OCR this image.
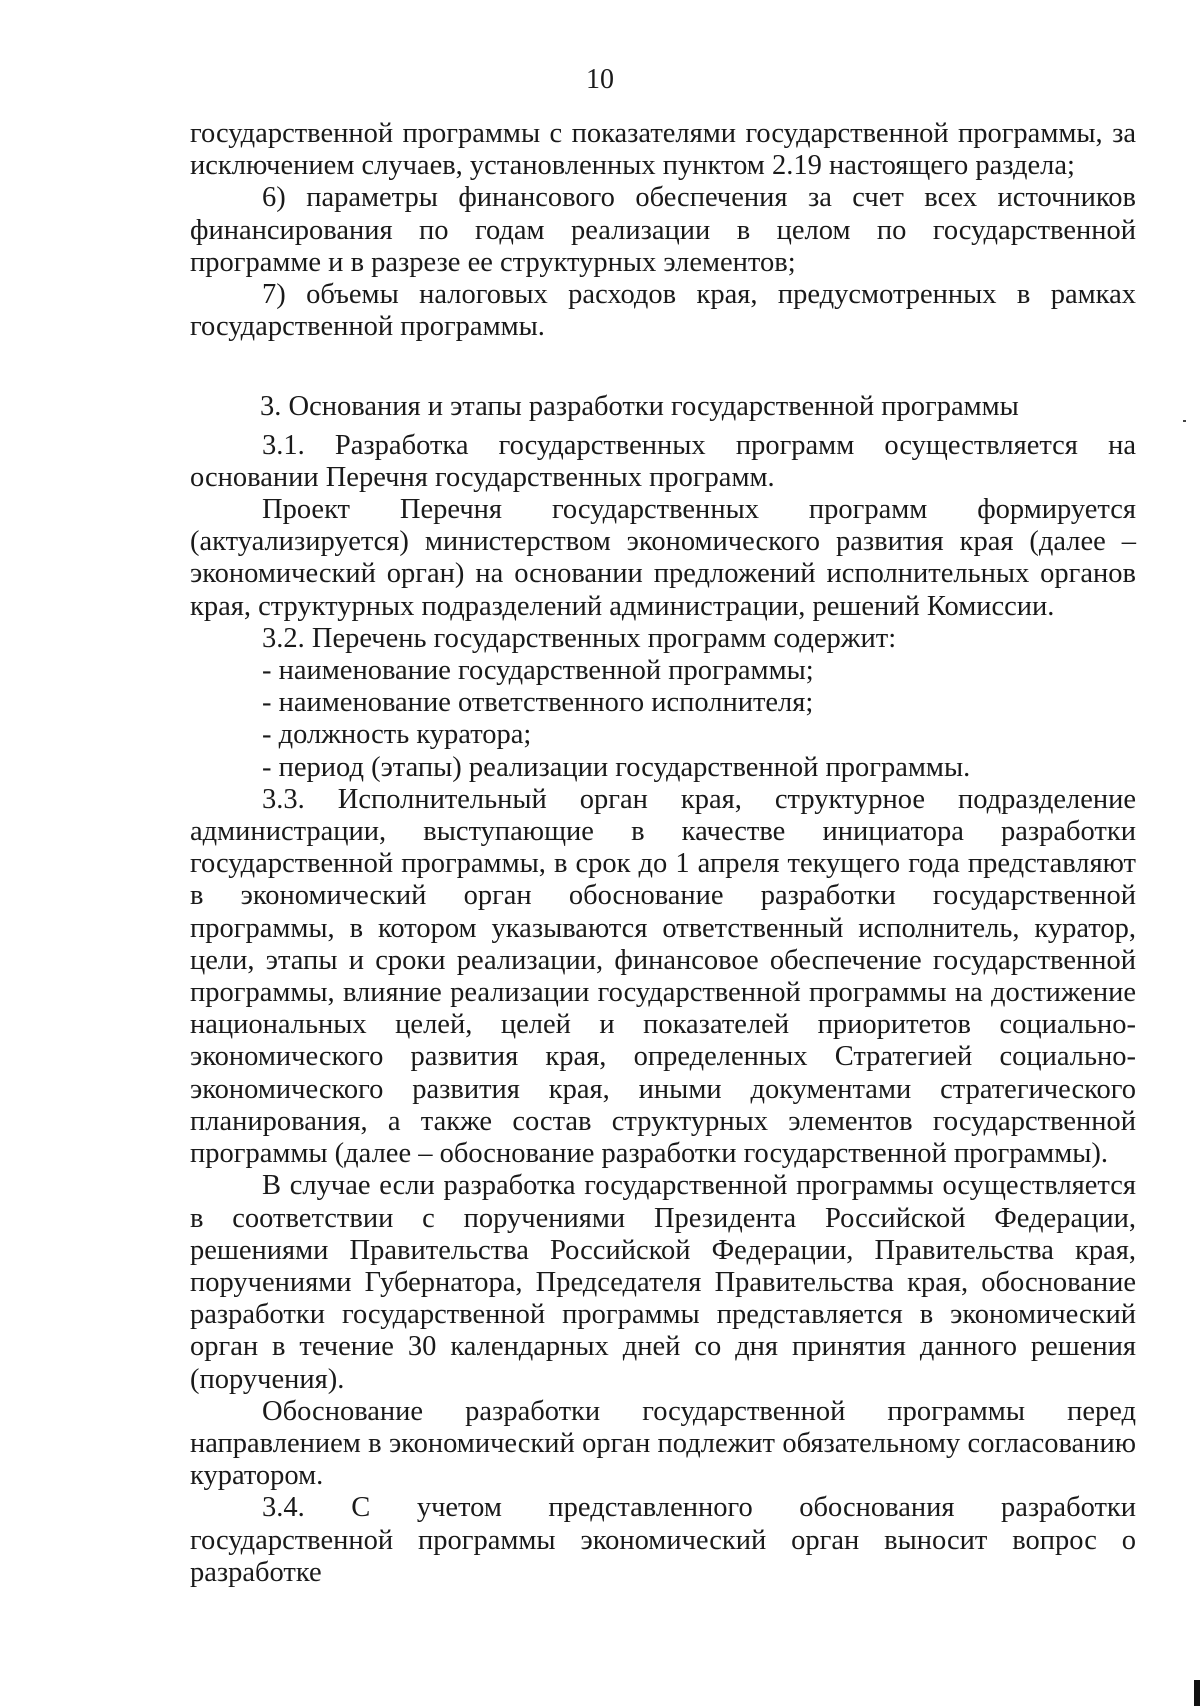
10

государственной программы с показателями государственной программы, за исключением случаев, установленных пунктом 2.19 настоящего раздела;

6) параметры финансового обеспечения за счет всех источников финансирования по годам реализации в целом по государственной программе и в разрезе ее структурных элементов;

7) объемы налоговых расходов края, предусмотренных в рамках государственной программы.

3. Основания и этапы разработки государственной программы

3.1. Разработка государственных программ осуществляется на основании Перечня государственных программ.

Проект Перечня государственных программ формируется (актуализируется) министерством экономического развития края (далее – экономический орган) на основании предложений исполнительных органов края, структурных подразделений администрации, решений Комиссии.

3.2. Перечень государственных программ содержит:

- наименование государственной программы;

- наименование ответственного исполнителя;

- должность куратора;

- период (этапы) реализации государственной программы.

3.3. Исполнительный орган края, структурное подразделение администрации, выступающие в качестве инициатора разработки государственной программы, в срок до 1 апреля текущего года представляют в экономический орган обоснование разработки государственной программы, в котором указываются ответственный исполнитель, куратор, цели, этапы и сроки реализации, финансовое обеспечение государственной программы, влияние реализации государственной программы на достижение национальных целей, целей и показателей приоритетов социально-экономического развития края, определенных Стратегией социально-экономического развития края, иными документами стратегического планирования, а также состав структурных элементов государственной программы (далее – обоснование разработки государственной программы).

В случае если разработка государственной программы осуществляется в соответствии с поручениями Президента Российской Федерации, решениями Правительства Российской Федерации, Правительства края, поручениями Губернатора, Председателя Правительства края, обоснование разработки государственной программы представляется в экономический орган в течение 30 календарных дней со дня принятия данного решения (поручения).

Обоснование разработки государственной программы перед направлением в экономический орган подлежит обязательному согласованию куратором.

3.4. С учетом представленного обоснования разработки государственной программы экономический орган выносит вопрос о разработке
